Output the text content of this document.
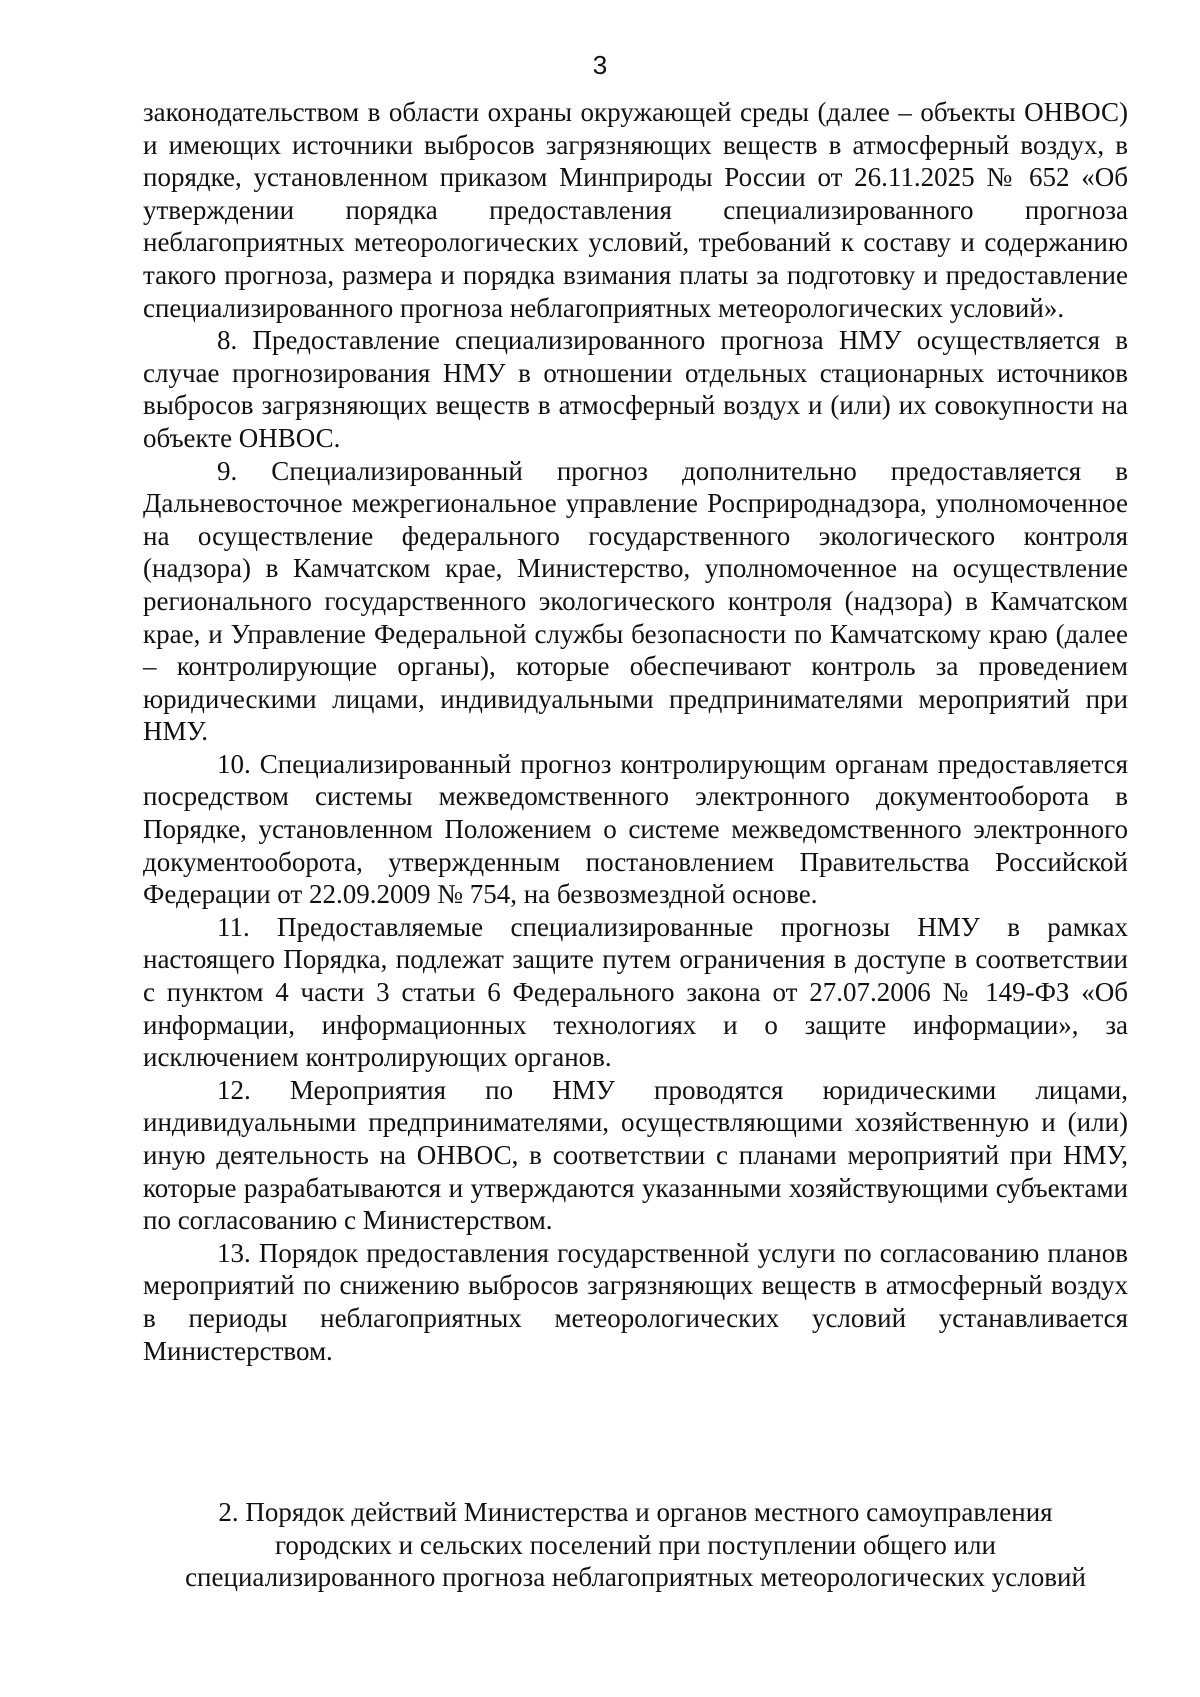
3

законодательством в области охраны окружающей среды (далее – объекты ОНВОС) и имеющих источники выбросов загрязняющих веществ в атмосферный воздух, в порядке, установленном приказом Минприроды России от 26.11.2025 № 652 «Об утверждении порядка предоставления специализированного прогноза неблагоприятных метеорологических условий, требований к составу и содержанию такого прогноза, размера и порядка взимания платы за подготовку и предоставление специализированного прогноза неблагоприятных метеорологических условий».

8. Предоставление специализированного прогноза НМУ осуществляется в случае прогнозирования НМУ в отношении отдельных стационарных источников выбросов загрязняющих веществ в атмосферный воздух и (или) их совокупности на объекте ОНВОС.

9. Специализированный прогноз дополнительно предоставляется в Дальневосточное межрегиональное управление Росприроднадзора, уполномоченное на осуществление федерального государственного экологического контроля (надзора) в Камчатском крае, Министерство, уполномоченное на осуществление регионального государственного экологического контроля (надзора) в Камчатском крае, и Управление Федеральной службы безопасности по Камчатскому краю (далее – контролирующие органы), которые обеспечивают контроль за проведением юридическими лицами, индивидуальными предпринимателями мероприятий при НМУ.

10. Специализированный прогноз контролирующим органам предоставляется посредством системы межведомственного электронного документооборота в Порядке, установленном Положением о системе межведомственного электронного документооборота, утвержденным постановлением Правительства Российской Федерации от 22.09.2009 № 754, на безвозмездной основе.

11. Предоставляемые специализированные прогнозы НМУ в рамках настоящего Порядка, подлежат защите путем ограничения в доступе в соответствии с пунктом 4 части 3 статьи 6 Федерального закона от 27.07.2006 № 149-ФЗ «Об информации, информационных технологиях и о защите информации», за исключением контролирующих органов.

12. Мероприятия по НМУ проводятся юридическими лицами, индивидуальными предпринимателями, осуществляющими хозяйственную и (или) иную деятельность на ОНВОС, в соответствии с планами мероприятий при НМУ, которые разрабатываются и утверждаются указанными хозяйствующими субъектами по согласованию с Министерством.

13. Порядок предоставления государственной услуги по согласованию планов мероприятий по снижению выбросов загрязняющих веществ в атмосферный воздух в периоды неблагоприятных метеорологических условий устанавливается Министерством.

2. Порядок действий Министерства и органов местного самоуправления
городских и сельских поселений при поступлении общего или
специализированного прогноза неблагоприятных метеорологических условий
